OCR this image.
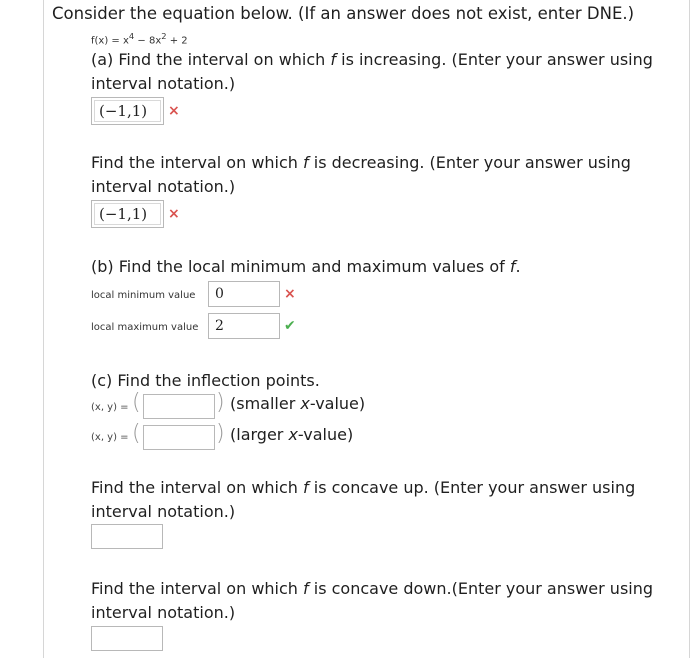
Consider the equation below. (If an answer does not exist, enter DNE.)
$f(x) = x^4 - 8x^2 + 2$
(a) Find the interval on which f is increasing. (Enter your answer using interval notation.)
(−1,1)	×
Find the interval on which f is decreasing. (Enter your answer using interval notation.)
(−1,1)	×
(b) Find the local minimum and maximum values of f.
local minimum value	0	×
local maximum value	2	✔
(c) Find the inflection points.
(x, y) = (	) (smaller x-value)
(x, y) = (	) (larger x-value)
Find the interval on which f is concave up. (Enter your answer using interval notation.)
Find the interval on which f is concave down.(Enter your answer using interval notation.)
